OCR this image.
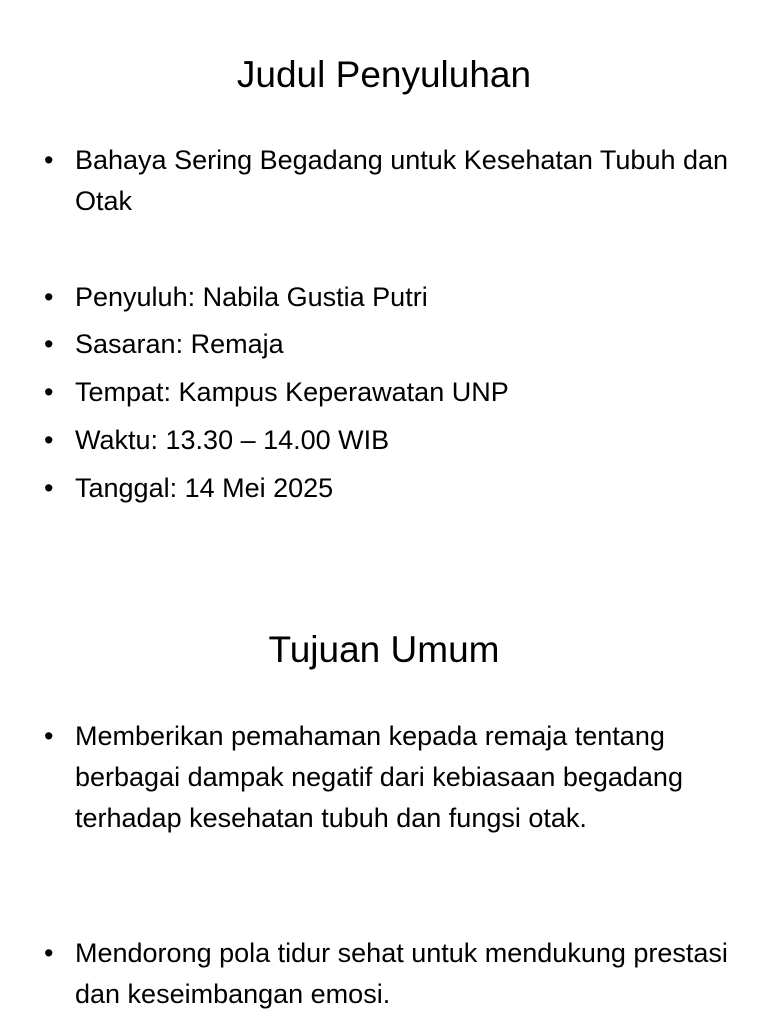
Judul Penyuluhan
• Bahaya Sering Begadang untuk Kesehatan Tubuh dan Otak
• Penyuluh: Nabila Gustia Putri
• Sasaran: Remaja
• Tempat: Kampus Keperawatan UNP
• Waktu: 13.30 – 14.00 WIB
• Tanggal: 14 Mei 2025
Tujuan Umum
• Memberikan pemahaman kepada remaja tentang berbagai dampak negatif dari kebiasaan begadang terhadap kesehatan tubuh dan fungsi otak.
• Mendorong pola tidur sehat untuk mendukung prestasi dan keseimbangan emosi.
